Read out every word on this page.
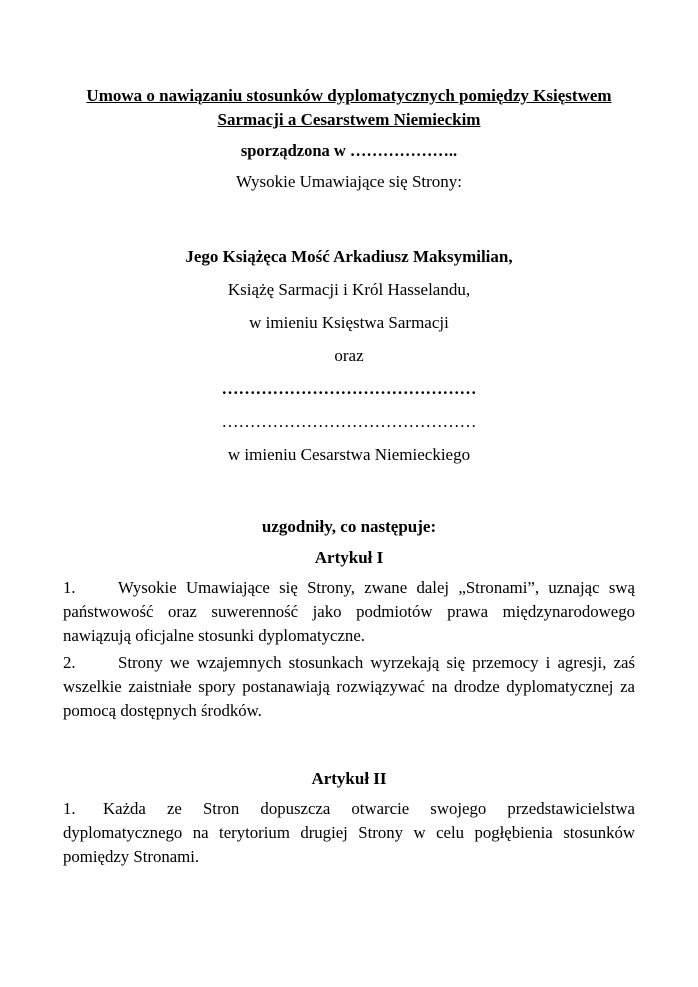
Umowa o nawiązaniu stosunków dyplomatycznych pomiędzy Księstwem
Sarmacji a Cesarstwem Niemieckim
sporządzona w ………………..
Wysokie Umawiające się Strony:
Jego Książęca Mość Arkadiusz Maksymilian,
Książę Sarmacji i Król Hasselandu,
w imieniu Księstwa Sarmacji
oraz
………………………………………
………………………………………
w imieniu Cesarstwa Niemieckiego
uzgodniły, co następuje:
Artykuł I

1.	Wysokie Umawiające się Strony, zwane dalej „Stronami”, uznając swą państwowość oraz suwerenność jako podmiotów prawa międzynarodowego nawiązują oficjalne stosunki dyplomatyczne.

2.	Strony we wzajemnych stosunkach wyrzekają się przemocy i agresji, zaś wszelkie zaistniałe spory postanawiają rozwiązywać na drodze dyplomatycznej za pomocą dostępnych środków.

Artykuł II

1. Każda ze Stron dopuszcza otwarcie swojego przedstawicielstwa dyplomatycznego na terytorium drugiej Strony w celu pogłębienia stosunków pomiędzy Stronami.
